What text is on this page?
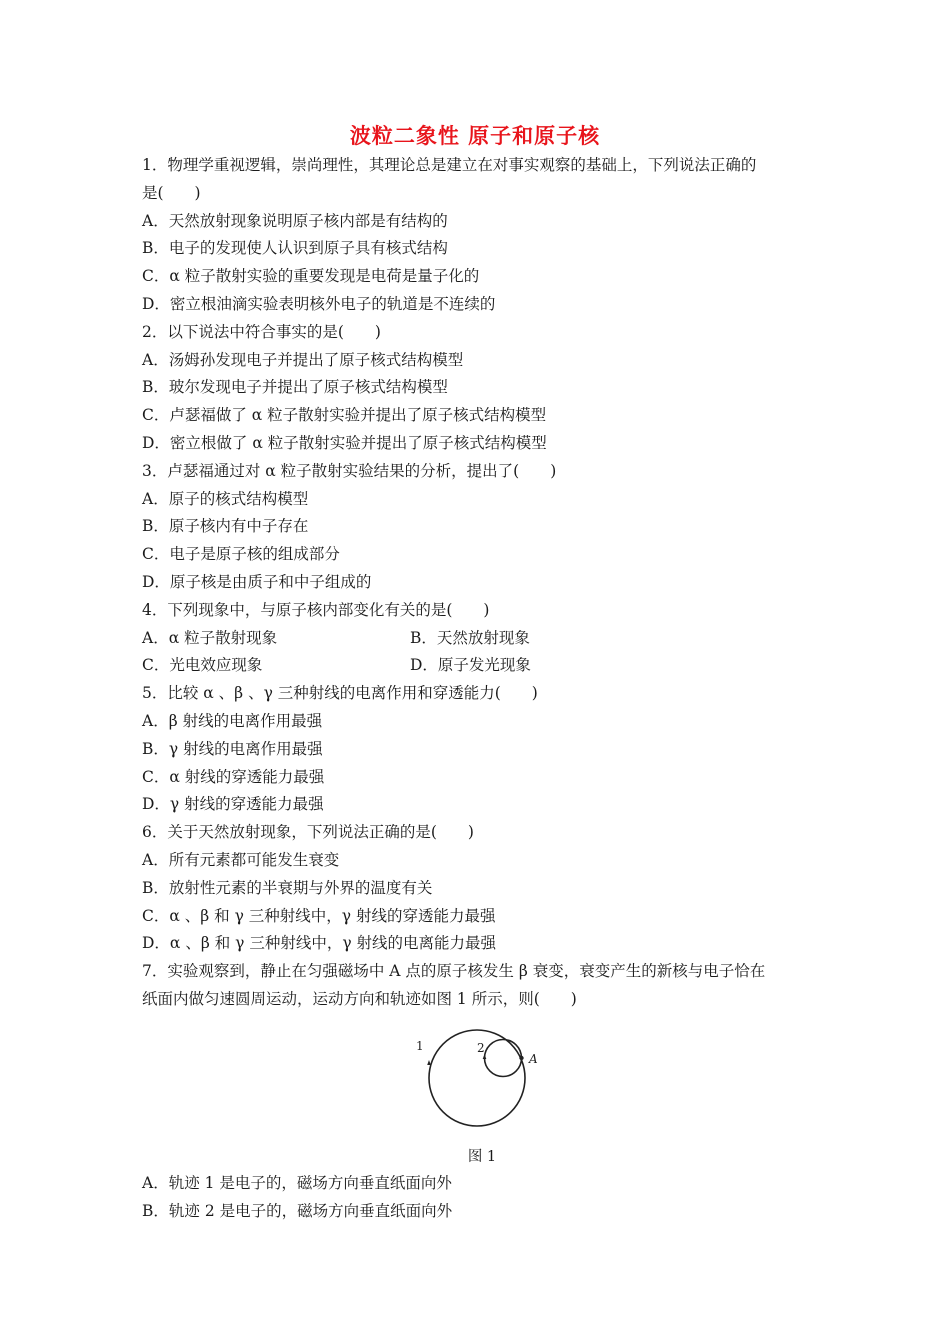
波粒二象性 原子和原子核
1．物理学重视逻辑，崇尚理性，其理论总是建立在对事实观察的基础上，下列说法正确的
是(　　)
A．天然放射现象说明原子核内部是有结构的
B．电子的发现使人认识到原子具有核式结构
C．α 粒子散射实验的重要发现是电荷是量子化的
D．密立根油滴实验表明核外电子的轨道是不连续的
2．以下说法中符合事实的是(　　)
A．汤姆孙发现电子并提出了原子核式结构模型
B．玻尔发现电子并提出了原子核式结构模型
C．卢瑟福做了 α 粒子散射实验并提出了原子核式结构模型
D．密立根做了 α 粒子散射实验并提出了原子核式结构模型
3．卢瑟福通过对 α 粒子散射实验结果的分析，提出了(　　)
A．原子的核式结构模型
B．原子核内有中子存在
C．电子是原子核的组成部分
D．原子核是由质子和中子组成的
4．下列现象中，与原子核内部变化有关的是(　　)
A．α 粒子散射现象	B．天然放射现象
C．光电效应现象	D．原子发光现象
5．比较 α 、β 、γ 三种射线的电离作用和穿透能力(　　)
A．β 射线的电离作用最强
B．γ 射线的电离作用最强
C．α 射线的穿透能力最强
D．γ 射线的穿透能力最强
6．关于天然放射现象，下列说法正确的是(　　)
A．所有元素都可能发生衰变
B．放射性元素的半衰期与外界的温度有关
C．α 、β 和 γ 三种射线中，γ 射线的穿透能力最强
D．α 、β 和 γ 三种射线中，γ 射线的电离能力最强
7．实验观察到，静止在匀强磁场中 A 点的原子核发生 β 衰变，衰变产生的新核与电子恰在
纸面内做匀速圆周运动，运动方向和轨迹如图 1 所示，则(　　)
1	2
A
图 1
A．轨迹 1 是电子的，磁场方向垂直纸面向外
B．轨迹 2 是电子的，磁场方向垂直纸面向外
